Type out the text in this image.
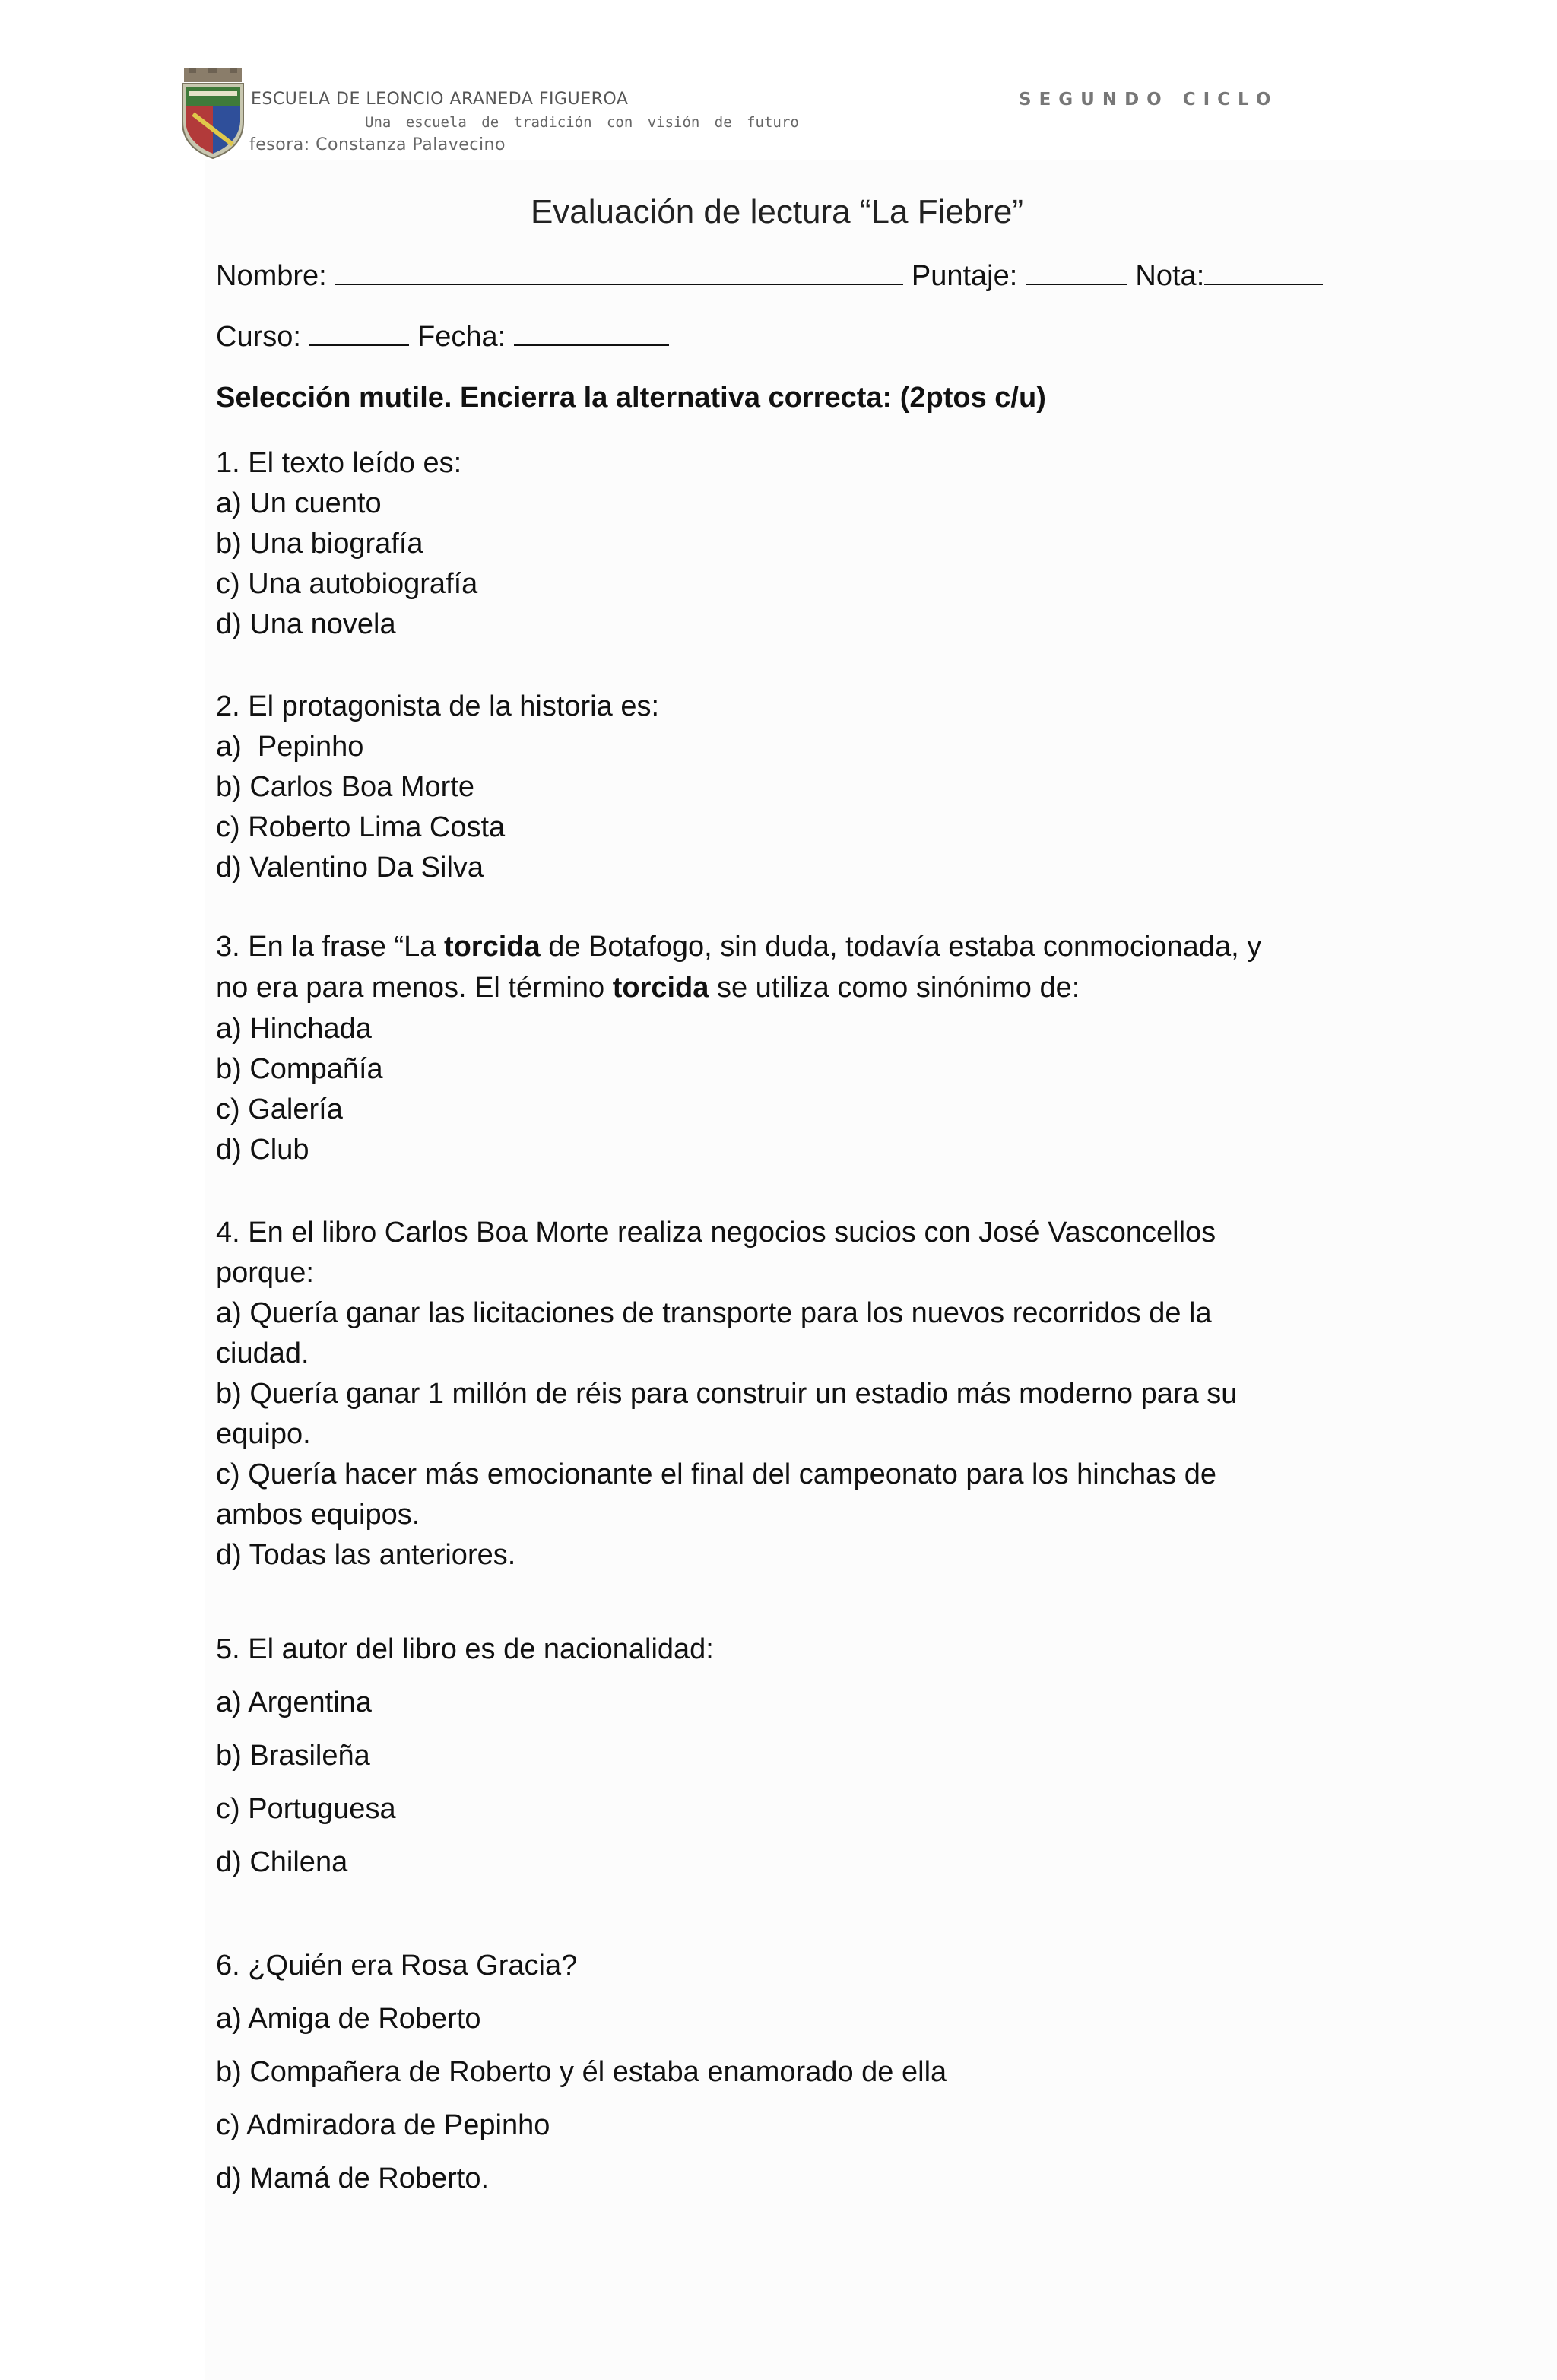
ESCUELA DE LEONCIO ARANEDA FIGUEROA
Una escuela de tradición con visión de futuro
fesora: Constanza Palavecino
SEGUNDO CICLO
Evaluación de lectura “La Fiebre”
Nombre:	Puntaje:	Nota:
Curso:	Fecha:
Selección mutile. Encierra la alternativa correcta: (2ptos c/u)
1. El texto leído es:
a) Un cuento
b) Una biografía
c) Una autobiografía
d) Una novela
2. El protagonista de la historia es:
a)  Pepinho
b) Carlos Boa Morte
c) Roberto Lima Costa
d) Valentino Da Silva
3. En la frase “La torcida de Botafogo, sin duda, todavía estaba conmocionada, y
no era para menos. El término torcida se utiliza como sinónimo de:
a) Hinchada
b) Compañía
c) Galería
d) Club
4. En el libro Carlos Boa Morte realiza negocios sucios con José Vasconcellos
porque:
a) Quería ganar las licitaciones de transporte para los nuevos recorridos de la
ciudad.
b) Quería ganar 1 millón de réis para construir un estadio más moderno para su
equipo.
c) Quería hacer más emocionante el final del campeonato para los hinchas de
ambos equipos.
d) Todas las anteriores.
5. El autor del libro es de nacionalidad:
a) Argentina
b) Brasileña
c) Portuguesa
d) Chilena
6. ¿Quién era Rosa Gracia?
a) Amiga de Roberto
b) Compañera de Roberto y él estaba enamorado de ella
c) Admiradora de Pepinho
d) Mamá de Roberto.
